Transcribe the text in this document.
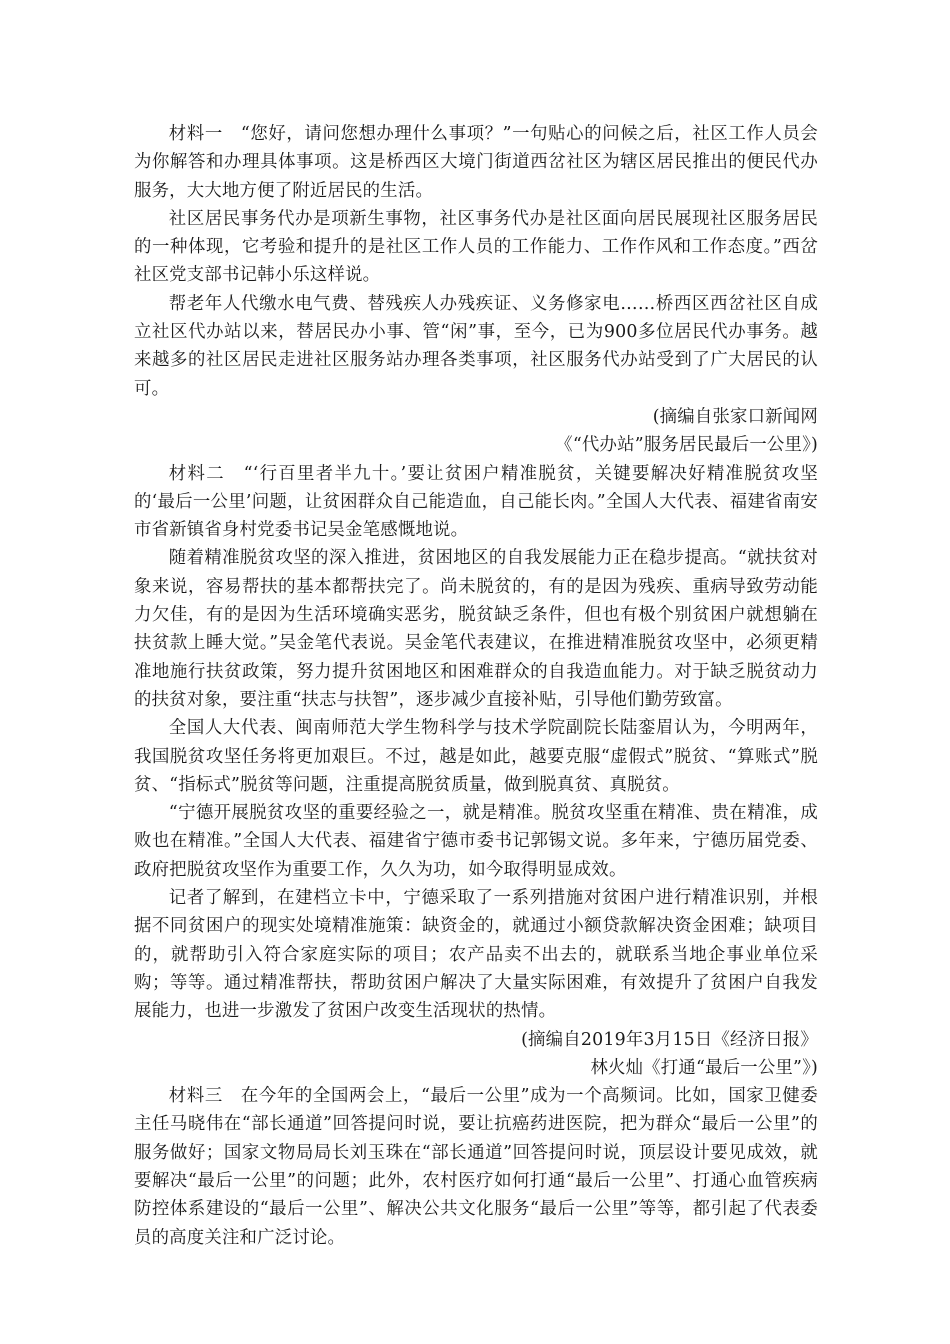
材料一　“您好，请问您想办理什么事项？”一句贴心的问候之后，社区工作人员会为你解答和办理具体事项。这是桥西区大境门街道西岔社区为辖区居民推出的便民代办服务，大大地方便了附近居民的生活。

社区居民事务代办是项新生事物，社区事务代办是社区面向居民展现社区服务居民的一种体现，它考验和提升的是社区工作人员的工作能力、工作作风和工作态度。”西岔社区党支部书记韩小乐这样说。

帮老年人代缴水电气费、替残疾人办残疾证、义务修家电……桥西区西岔社区自成立社区代办站以来，替居民办小事、管“闲”事，至今，已为900多位居民代办事务。越来越多的社区居民走进社区服务站办理各类事项，社区服务代办站受到了广大居民的认可。

(摘编自张家口新闻网

《“代办站”服务居民最后一公里》)

材料二　“‘行百里者半九十。’要让贫困户精准脱贫，关键要解决好精准脱贫攻坚的‘最后一公里’问题，让贫困群众自己能造血，自己能长肉。”全国人大代表、福建省南安市省新镇省身村党委书记吴金笔感慨地说。

随着精准脱贫攻坚的深入推进，贫困地区的自我发展能力正在稳步提高。“就扶贫对象来说，容易帮扶的基本都帮扶完了。尚未脱贫的，有的是因为残疾、重病导致劳动能力欠佳，有的是因为生活环境确实恶劣，脱贫缺乏条件，但也有极个别贫困户就想躺在扶贫款上睡大觉。”吴金笔代表说。吴金笔代表建议，在推进精准脱贫攻坚中，必须更精准地施行扶贫政策，努力提升贫困地区和困难群众的自我造血能力。对于缺乏脱贫动力的扶贫对象，要注重“扶志与扶智”，逐步减少直接补贴，引导他们勤劳致富。

全国人大代表、闽南师范大学生物科学与技术学院副院长陆銮眉认为，今明两年，我国脱贫攻坚任务将更加艰巨。不过，越是如此，越要克服“虚假式”脱贫、“算账式”脱贫、“指标式”脱贫等问题，注重提高脱贫质量，做到脱真贫、真脱贫。

“宁德开展脱贫攻坚的重要经验之一，就是精准。脱贫攻坚重在精准、贵在精准，成败也在精准。”全国人大代表、福建省宁德市委书记郭锡文说。多年来，宁德历届党委、政府把脱贫攻坚作为重要工作，久久为功，如今取得明显成效。

记者了解到，在建档立卡中，宁德采取了一系列措施对贫困户进行精准识别，并根据不同贫困户的现实处境精准施策：缺资金的，就通过小额贷款解决资金困难；缺项目的，就帮助引入符合家庭实际的项目；农产品卖不出去的，就联系当地企事业单位采购；等等。通过精准帮扶，帮助贫困户解决了大量实际困难，有效提升了贫困户自我发展能力，也进一步激发了贫困户改变生活现状的热情。

(摘编自2019年3月15日《经济日报》

林火灿《打通“最后一公里”》)

材料三　在今年的全国两会上，“最后一公里”成为一个高频词。比如，国家卫健委主任马晓伟在“部长通道”回答提问时说，要让抗癌药进医院，把为群众“最后一公里”的服务做好；国家文物局局长刘玉珠在“部长通道”回答提问时说，顶层设计要见成效，就要解决“最后一公里”的问题；此外，农村医疗如何打通“最后一公里”、打通心血管疾病防控体系建设的“最后一公里”、解决公共文化服务“最后一公里”等等，都引起了代表委员的高度关注和广泛讨论。
